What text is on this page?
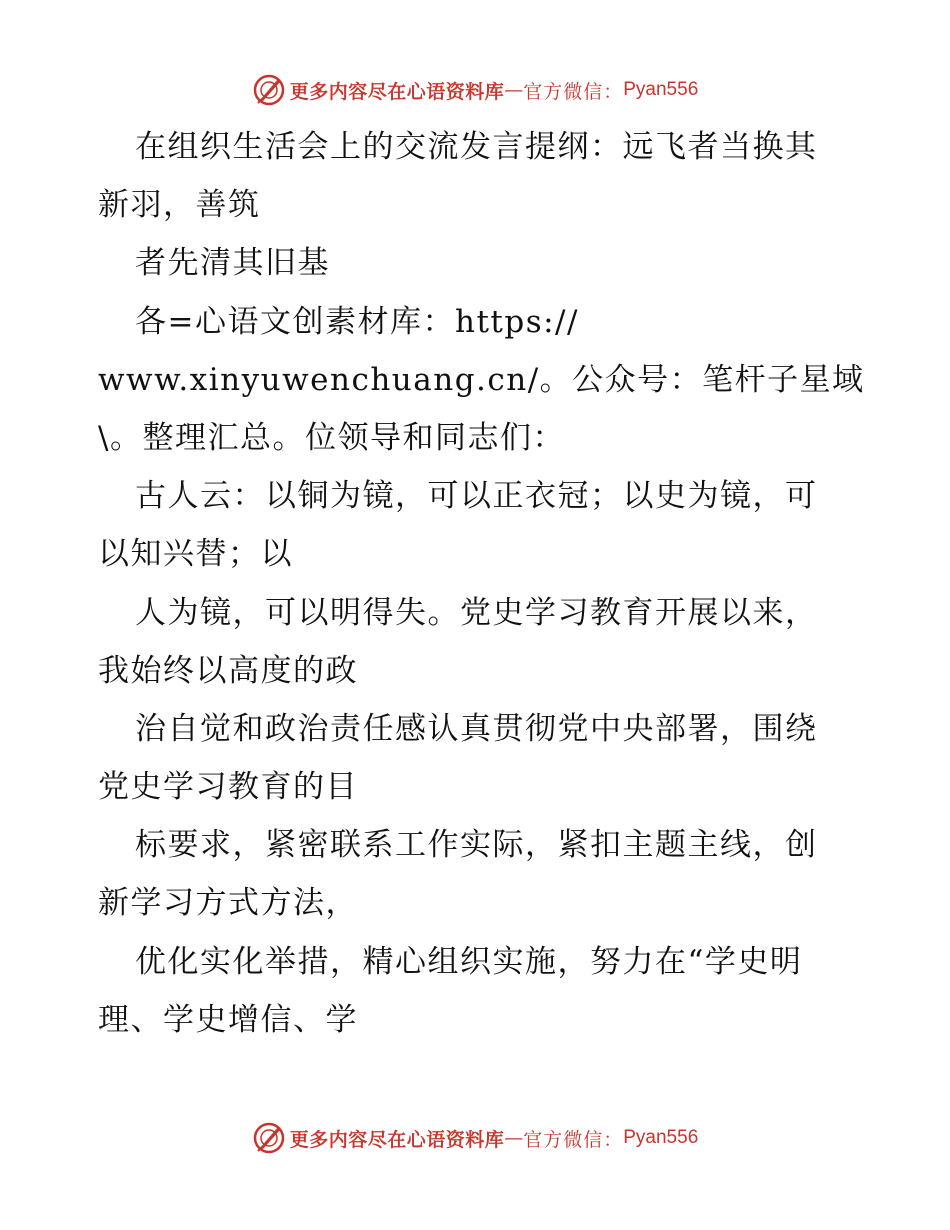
更多内容尽在心语资料库 — 官方微信： Pyan556
在组织生活会上的交流发言提纲：远飞者当换其
新羽，善筑
者先清其旧基
各=心语文创素材库：https://
www.xinyuwenchuang.cn/。公众号：笔杆子星域
\。整理汇总。位领导和同志们：
古人云：以铜为镜，可以正衣冠；以史为镜，可
以知兴替；以
人为镜，可以明得失。党史学习教育开展以来，
我始终以高度的政
治自觉和政治责任感认真贯彻党中央部署，围绕
党史学习教育的目
标要求，紧密联系工作实际，紧扣主题主线，创
新学习方式方法，
优化实化举措，精心组织实施，努力在“学史明
理、学史增信、学
更多内容尽在心语资料库 — 官方微信： Pyan556
